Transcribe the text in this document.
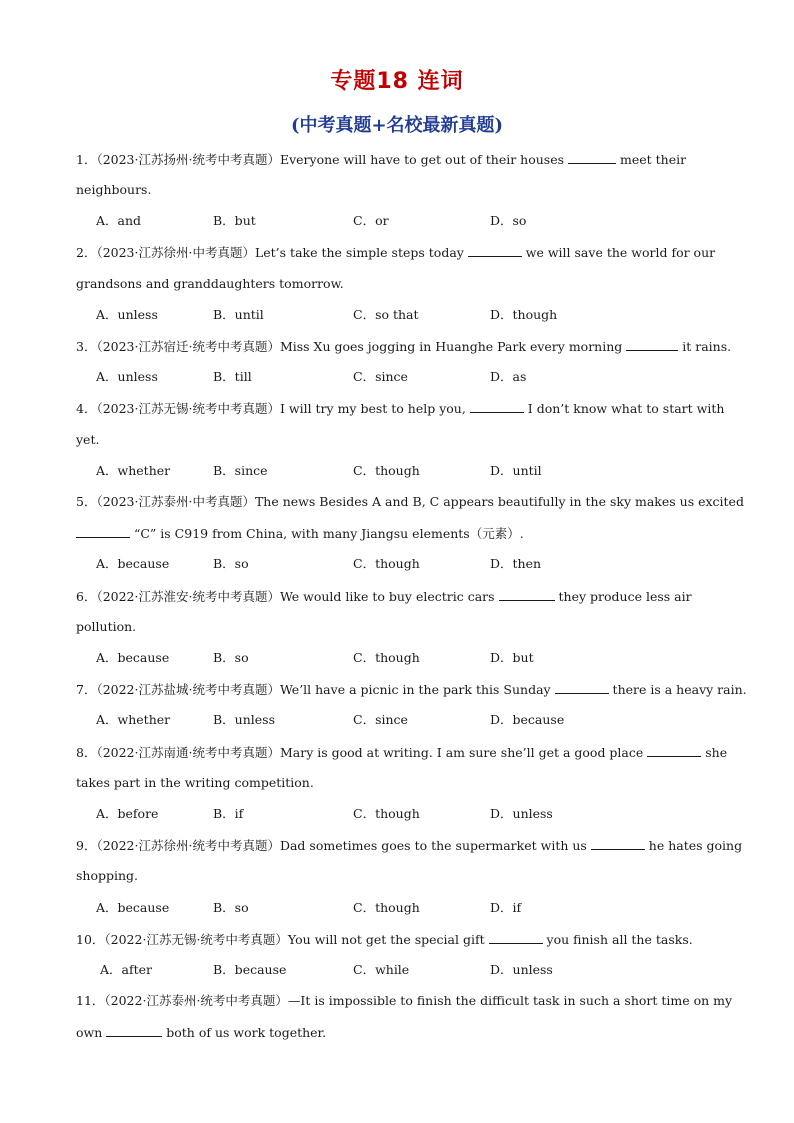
专题18 连词
(中考真题+名校最新真题)
1．（2023·江苏扬州·统考中考真题）Everyone will have to get out of their houses	meet their
neighbours.
A．and	B．but	C．or	D．so
2．（2023·江苏徐州·中考真题）Let’s take the simple steps today	we will save the world for our
grandsons and granddaughters tomorrow.
A．unless	B．until	C．so that	D．though
3．（2023·江苏宿迁·统考中考真题）Miss Xu goes jogging in Huanghe Park every morning	it rains.
A．unless	B．till	C．since	D．as
4．（2023·江苏无锡·统考中考真题）I will try my best to help you,	I don’t know what to start with
yet.
A．whether	B．since	C．though	D．until
5．（2023·江苏泰州·中考真题）The news Besides A and B, C appears beautifully in the sky makes us excited
“C” is C919 from China, with many Jiangsu elements（元素）.
A．because	B．so	C．though	D．then
6．（2022·江苏淮安·统考中考真题）We would like to buy electric cars	they produce less air
pollution.
A．because	B．so	C．though	D．but
7．（2022·江苏盐城·统考中考真题）We’ll have a picnic in the park this Sunday	there is a heavy rain.
A．whether	B．unless	C．since	D．because
8．（2022·江苏南通·统考中考真题）Mary is good at writing. I am sure she’ll get a good place	she
takes part in the writing competition.
A．before	B．if	C．though	D．unless
9．（2022·江苏徐州·统考中考真题）Dad sometimes goes to the supermarket with us	he hates going
shopping.
A．because	B．so	C．though	D．if
10．（2022·江苏无锡·统考中考真题）You will not get the special gift	you finish all the tasks.
A．after	B．because	C．while	D．unless
11．（2022·江苏泰州·统考中考真题）—It is impossible to finish the difficult task in such a short time on my
own	both of us work together.
